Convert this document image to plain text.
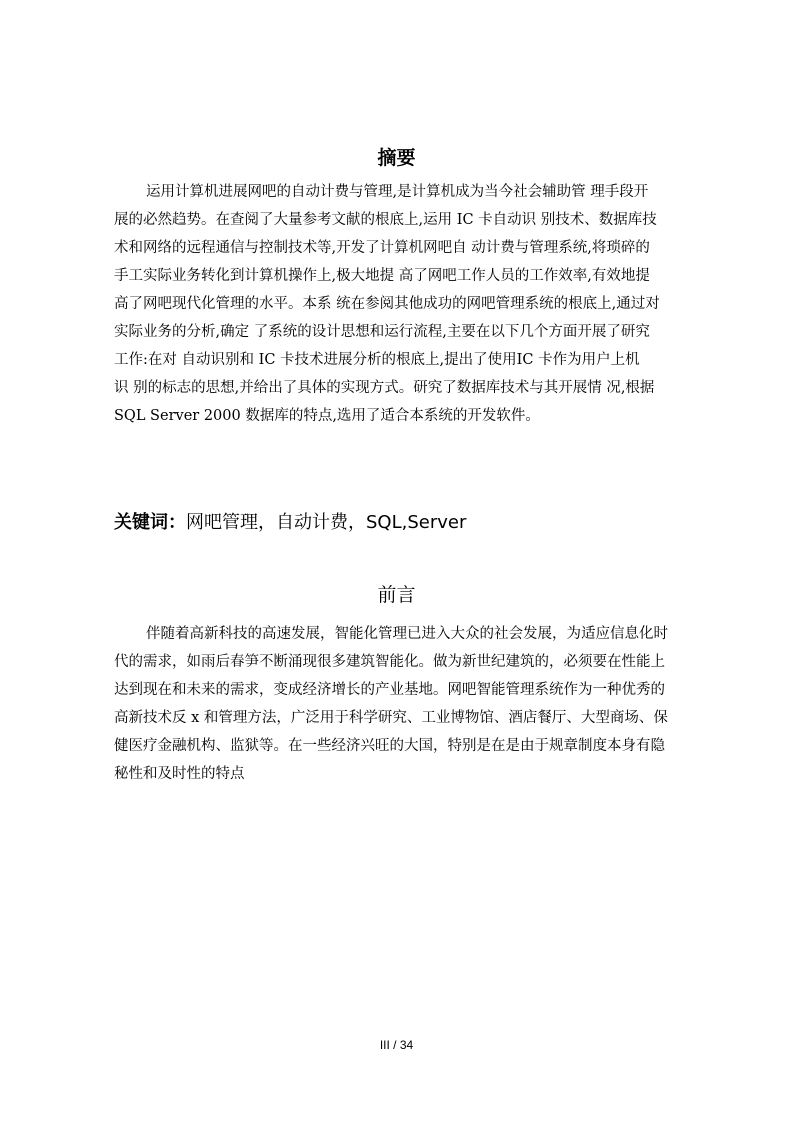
摘要
运用计算机进展网吧的自动计费与管理,是计算机成为当今社会辅助管 理手段开
展的必然趋势。在查阅了大量参考文献的根底上,运用 IC 卡自动识 别技术、数据库技
术和网络的远程通信与控制技术等,开发了计算机网吧自 动计费与管理系统,将琐碎的
手工实际业务转化到计算机操作上,极大地提 高了网吧工作人员的工作效率,有效地提
高了网吧现代化管理的水平。本系 统在参阅其他成功的网吧管理系统的根底上,通过对
实际业务的分析,确定 了系统的设计思想和运行流程,主要在以下几个方面开展了研究
工作:在对 自动识别和 IC 卡技术进展分析的根底上,提出了使用IC 卡作为用户上机
识 别的标志的思想,并给出了具体的实现方式。研究了数据库技术与其开展情 况,根据
SQL Server 2000 数据库的特点,选用了适合本系统的开发软件。
关键词：网吧管理，自动计费，SQL,Server
前言
伴随着高新科技的高速发展，智能化管理已进入大众的社会发展，为适应信息化时
代的需求，如雨后春笋不断涌现很多建筑智能化。做为新世纪建筑的，必须要在性能上
达到现在和未来的需求，变成经济增长的产业基地。网吧智能管理系统作为一种优秀的
高新技术反 x 和管理方法，广泛用于科学研究、工业博物馆、酒店餐厅、大型商场、保
健医疗金融机构、监狱等。在一些经济兴旺的大国，特别是在是由于规章制度本身有隐
秘性和及时性的特点
III / 34
